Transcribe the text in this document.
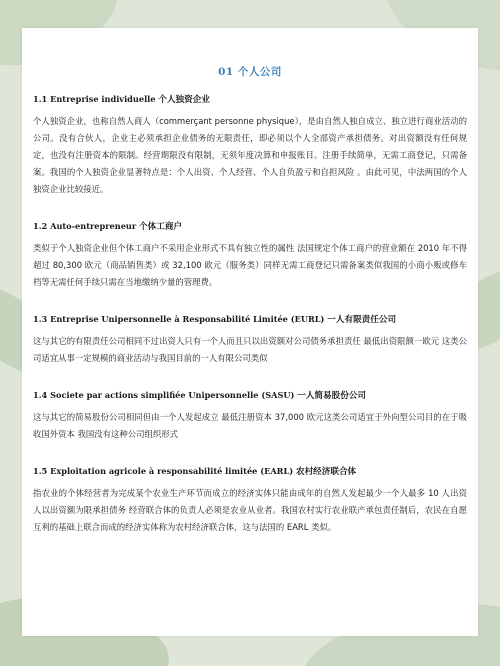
01 个人公司
1.1 Entreprise individuelle 个人独资企业

个人独资企业，也称自然人商人（commerçant personne physique），是由自然人独自成立、独立进行商业活动的公司。没有合伙人，企业主必须承担企业债务的无限责任，即必须以个人全部资产承担债务。对出资额没有任何规定，也没有注册资本的限制。经营期限没有限制，无须年度决算和申报账目。注册手续简单，无需工商登记，只需备案。我国的个人独资企业显著特点是：个人出资、个人经营、个人自负盈亏和自担风险 。由此可见，中法两国的个人独资企业比较接近。

1.2 Auto-entrepreneur 个体工商户

类似于个人独资企业但个体工商户不采用企业形式不具有独立性的属性 法国规定个体工商户的营业额在 2010 年不得超过 80,300 欧元（商品销售类）或 32,100 欧元（服务类）同样无需工商登记只需备案类似我国的小商小贩或修车档等无需任何手续只需在当地缴纳少量的管理费。

1.3 Entreprise Unipersonnelle à Responsabilité Limitée (EURL) 一人有限责任公司

这与其它的有限责任公司相同不过出资人只有一个人而且只以出资额对公司债务承担责任 最低出资限额一欧元 这类公司适宜从事一定规模的商业活动与我国目前的一人有限公司类似

1.4 Societe par actions simplifiée Unipersonnelle (SASU) 一人简易股份公司

这与其它的简易股份公司相同但由一个人发起成立 最低注册资本 37,000 欧元这类公司适宜于外向型公司目的在于吸收国外资本 我国没有这种公司组织形式

1.5 Exploitation agricole à responsabilité limitée (EARL) 农村经济联合体

指农业的个体经营者为完成某个农业生产环节而成立的经济实体只能由成年的自然人发起最少一个人最多 10 人出资人以出资额为限承担债务 经营联合体的负责人必须是农业从业者。我国农村实行农业联产承包责任制后，农民在自愿互利的基础上联合而成的经济实体称为农村经济联合体，这与法国的 EARL 类似。
